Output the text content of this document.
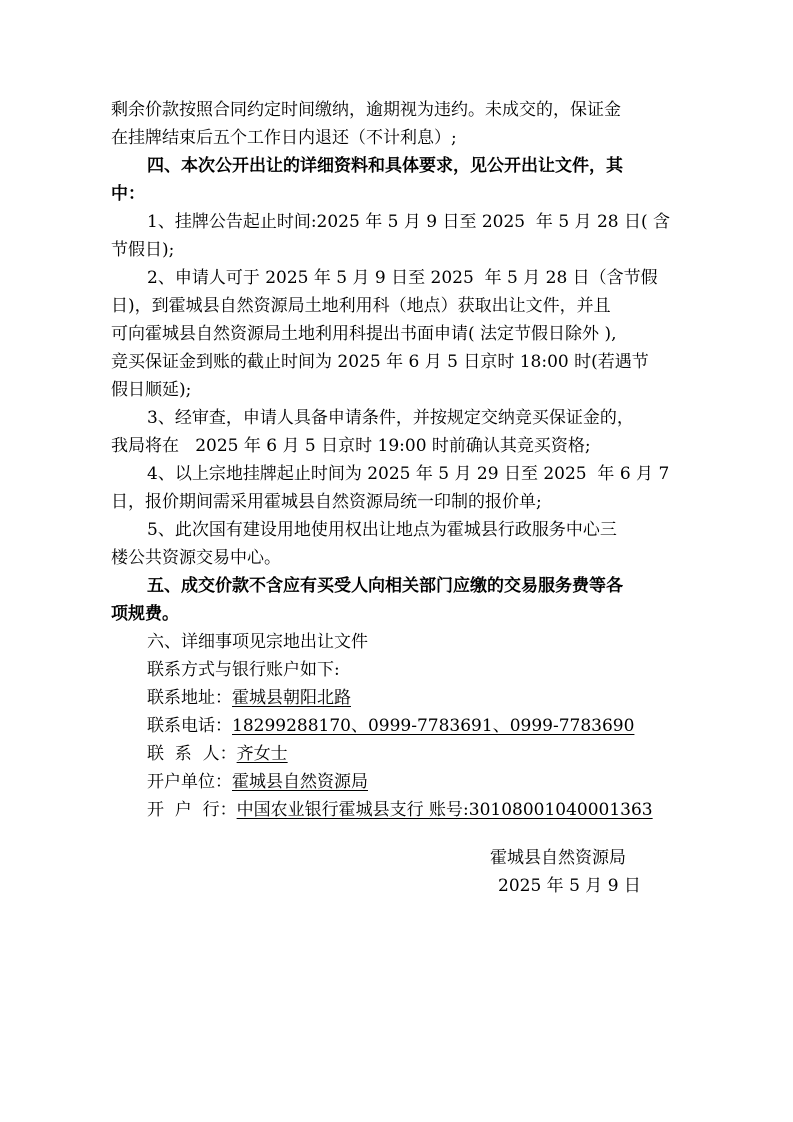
剩余价款按照合同约定时间缴纳，逾期视为违约。未成交的，保证金
在挂牌结束后五个工作日内退还（不计利息）;
四、本次公开出让的详细资料和具体要求，见公开出让文件，其
中：
1、挂牌公告起止时间:2025 年 5 月 9 日至 2025  年 5 月 28 日( 含
节假日);
2、申请人可于 2025 年 5 月 9 日至 2025  年 5 月 28 日（含节假
日)，到霍城县自然资源局土地利用科（地点）获取出让文件，并且
可向霍城县自然资源局土地利用科提出书面申请( 法定节假日除外 ),
竞买保证金到账的截止时间为 2025 年 6 月 5 日京时 18:00 时(若遇节
假日顺延);
3、经审查，申请人具备申请条件，并按规定交纳竞买保证金的，
我局将在   2025 年 6 月 5 日京时 19:00 时前确认其竞买资格;
4、以上宗地挂牌起止时间为 2025 年 5 月 29 日至 2025  年 6 月 7
日，报价期间需采用霍城县自然资源局统一印制的报价单;
5、此次国有建设用地使用权出让地点为霍城县行政服务中心三
楼公共资源交易中心。
五、成交价款不含应有买受人向相关部门应缴的交易服务费等各
项规费。
六、详细事项见宗地出让文件
联系方式与银行账户如下:
联系地址：霍城县朝阳北路
联系电话：18299288170、0999-7783691、0999-7783690
联  系  人：齐女士
开户单位：霍城县自然资源局
开  户  行：中国农业银行霍城县支行 账号:30108001040001363
霍城县自然资源局
2025 年 5 月 9 日
